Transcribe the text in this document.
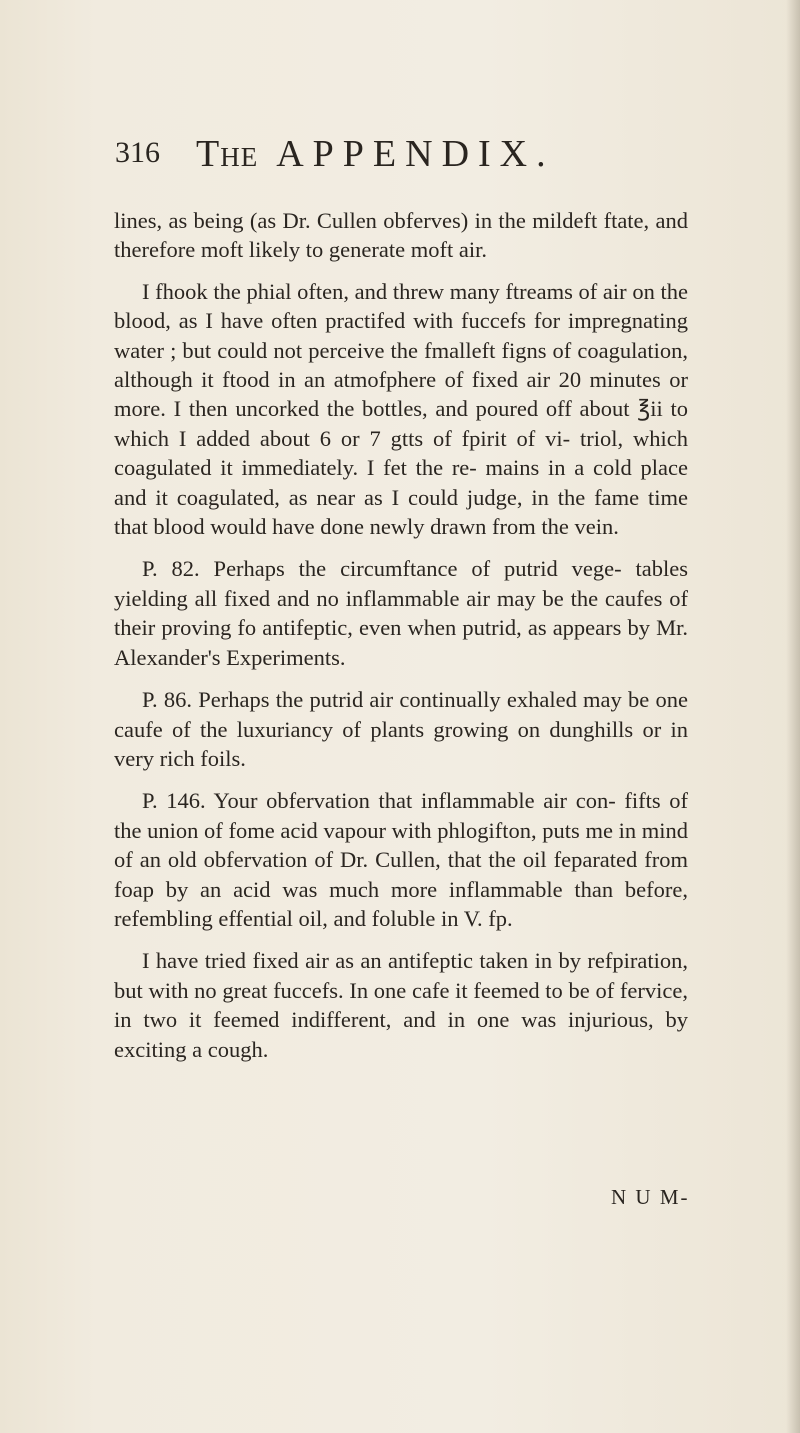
316 The APPENDIX.

lines, as being (as Dr. Cullen obferves) in the mildeft ftate, and therefore moft likely to generate moft air.

I fhook the phial often, and threw many ftreams of air on the blood, as I have often practifed with fuccefs for impregnating water ; but could not perceive the fmalleft figns of coagulation, although it ftood in an atmofphere of fixed air 20 minutes or more. I then uncorked the bottles, and poured off about ℥ii to which I added about 6 or 7 gtts of fpirit of vi- triol, which coagulated it immediately. I fet the re- mains in a cold place and it coagulated, as near as I could judge, in the fame time that blood would have done newly drawn from the vein.

P. 82. Perhaps the circumftance of putrid vege- tables yielding all fixed and no inflammable air may be the caufes of their proving fo antifeptic, even when putrid, as appears by Mr. Alexander's Experiments.

P. 86. Perhaps the putrid air continually exhaled may be one caufe of the luxuriancy of plants growing on dunghills or in very rich foils.

P. 146. Your obfervation that inflammable air con- fifts of the union of fome acid vapour with phlogifton, puts me in mind of an old obfervation of Dr. Cullen, that the oil feparated from foap by an acid was much more inflammable than before, refembling effential oil, and foluble in V. fp.

I have tried fixed air as an antifeptic taken in by refpiration, but with no great fuccefs. In one cafe it feemed to be of fervice, in two it feemed indifferent, and in one was injurious, by exciting a cough.

N U M-
